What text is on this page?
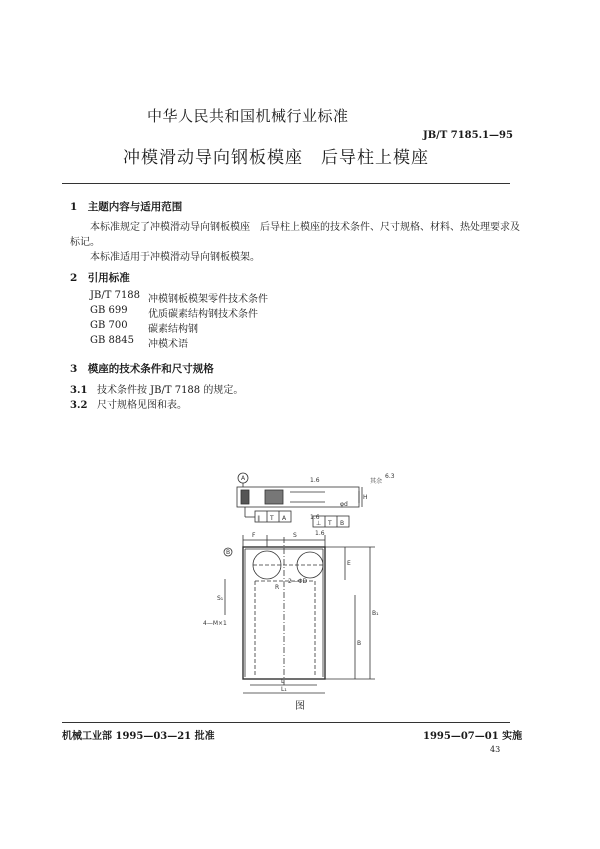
中华人民共和国机械行业标准
JB/T 7185.1—95
冲模滑动导向钢板模座　后导柱上模座
1　主题内容与适用范围
本标准规定了冲模滑动导向钢板模座　后导柱上模座的技术条件、尺寸规格、材料、热处理要求及
标记。
本标准适用于冲模滑动导向钢板模架。
2　引用标准
JB/T 7188 冲模钢板模架零件技术条件
GB 699	优质碳素结构钢技术条件
GB 700	碳素结构钢
GB 8845	冲模术语
3　模座的技术条件和尺寸规格
3.1 技术条件按 JB/T 7188 的规定。
3.2 尺寸规格见图和表。
A
B
∥ T A
⊥ T B
1.6
1.6
1.6
其余
6.3
F	S
S₁
E
B₁
B
L
L₁
H
φd
2—ΦD
R
4—M×1
图
机械工业部 1995—03—21 批准	1995—07—01 实施
43
